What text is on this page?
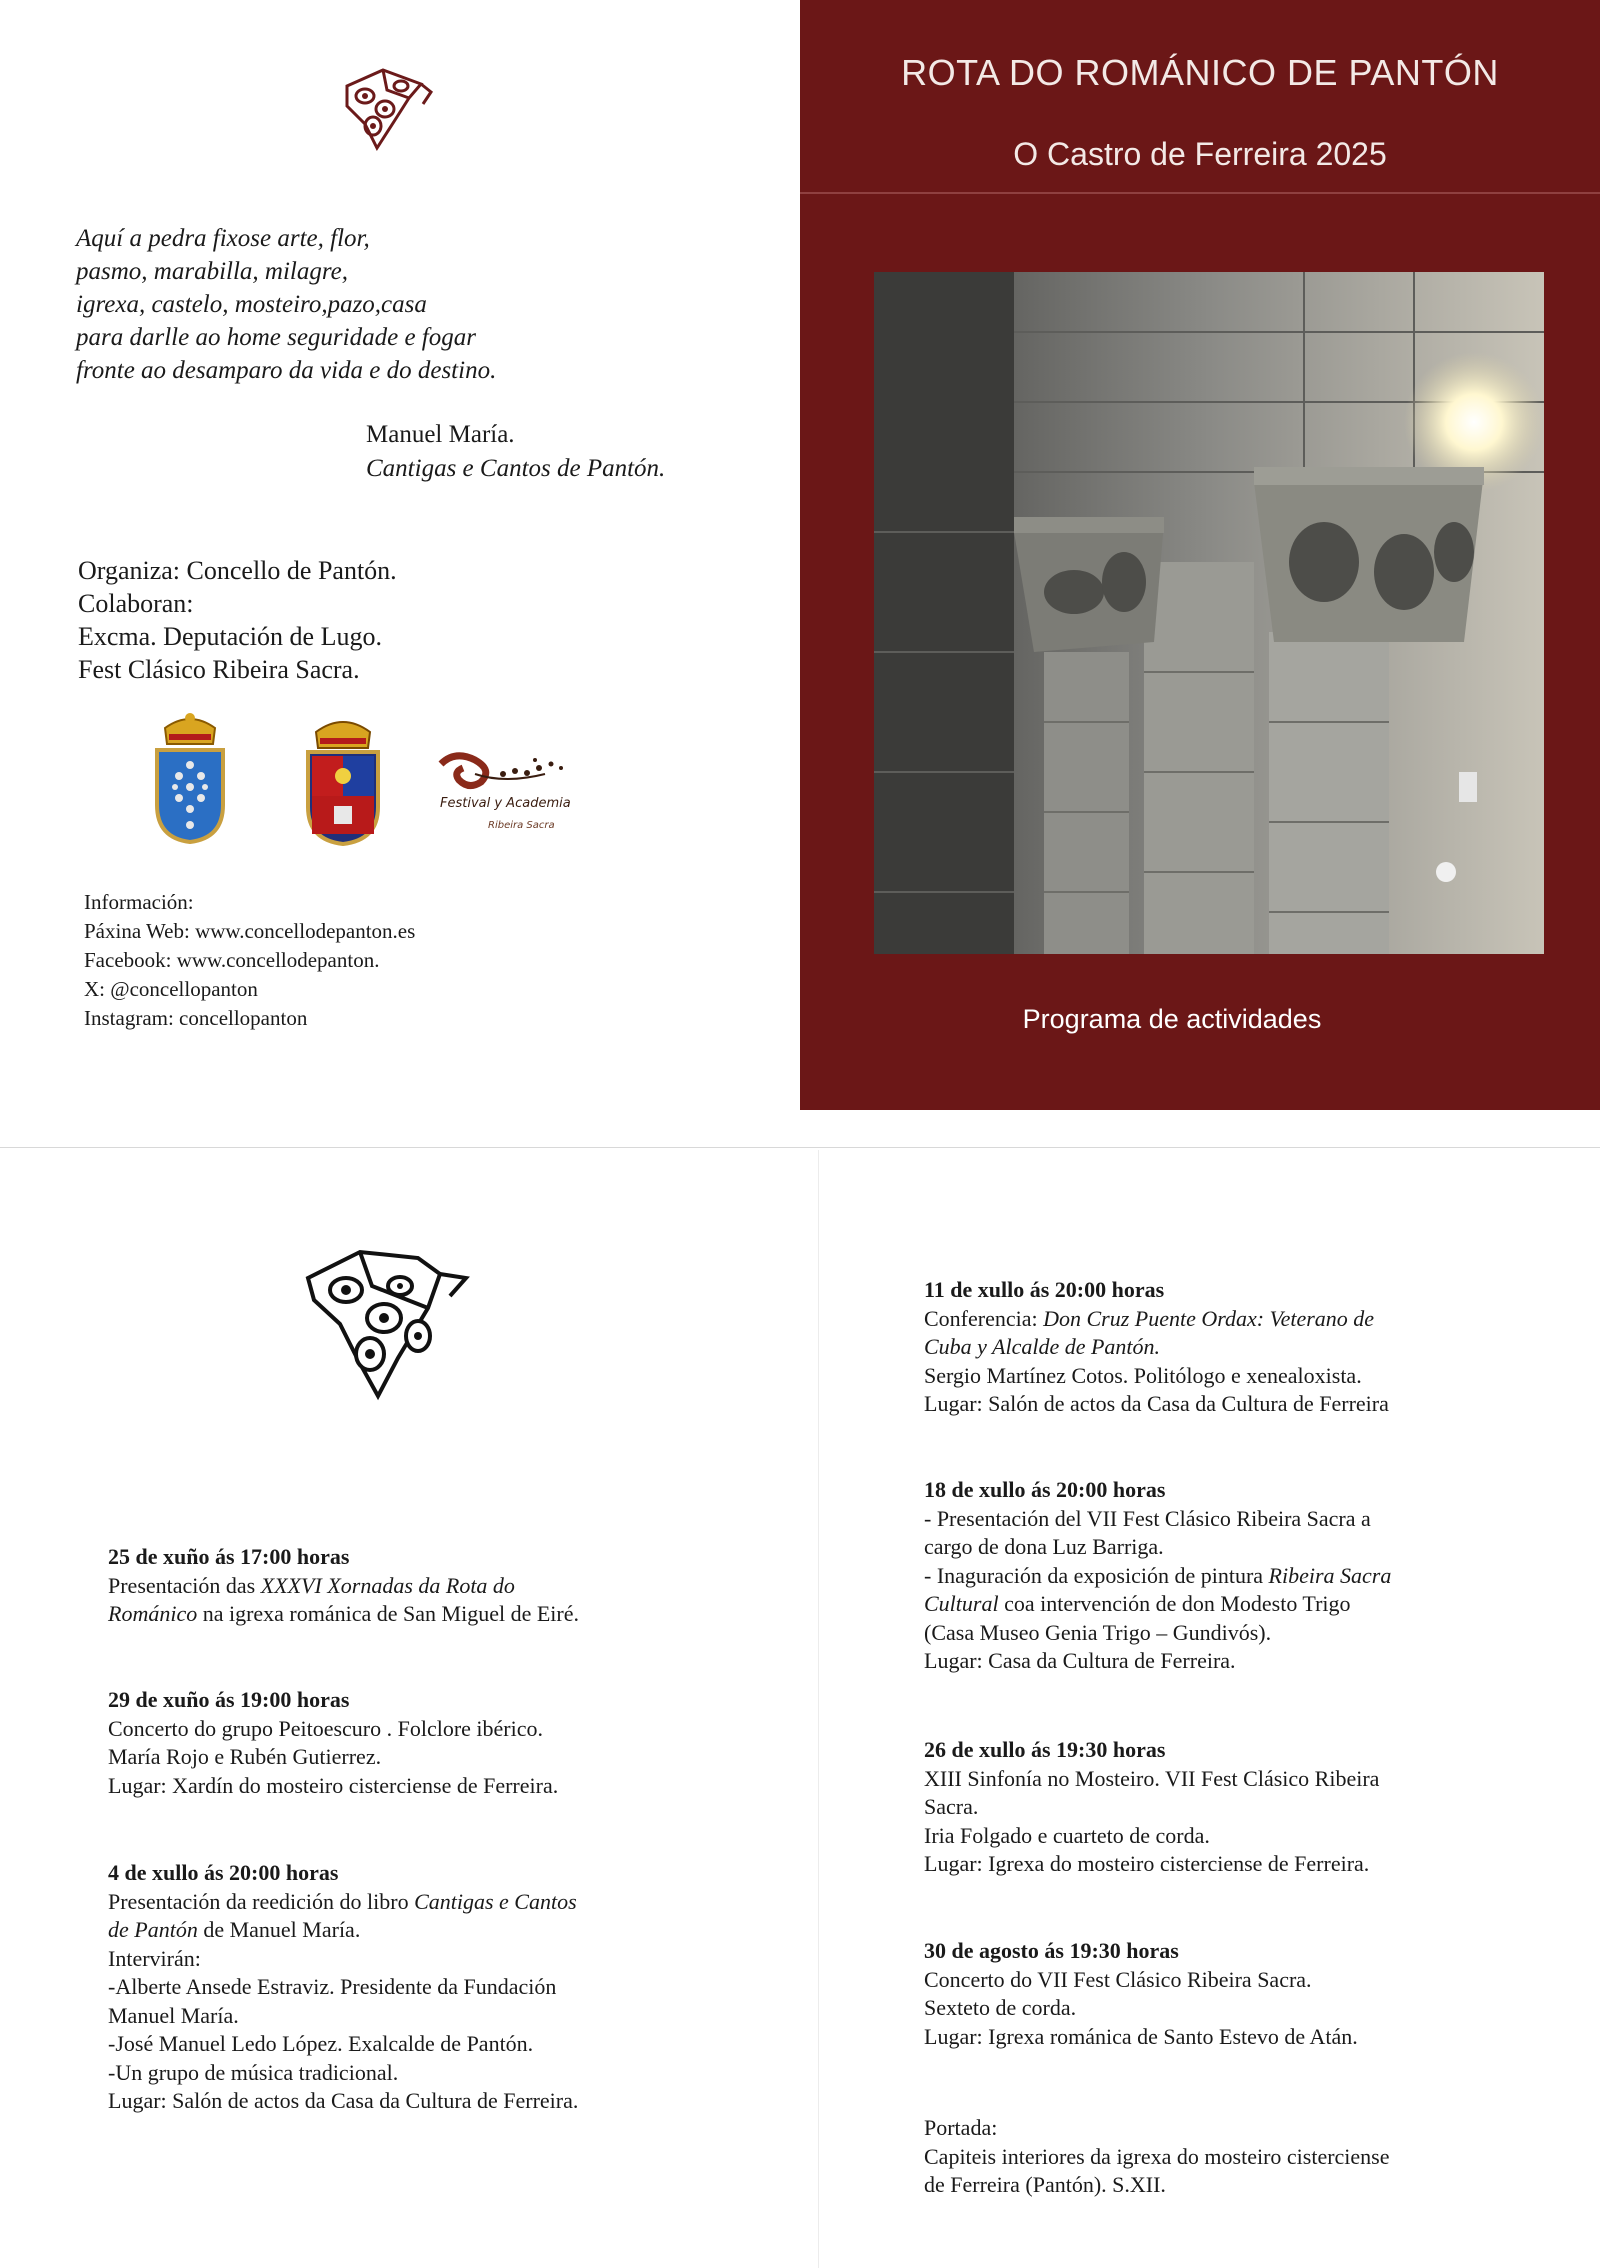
Aquí a pedra fixose arte, flor,
pasmo, marabilla, milagre,
igrexa, castelo, mosteiro,pazo,casa
para darlle ao home seguridade e fogar
fronte ao desamparo da vida e do destino.
Manuel María.
Cantigas e Cantos de Pantón.
Organiza: Concello de Pantón.
Colaboran:
Excma. Deputación de Lugo.
Fest Clásico Ribeira Sacra.
Festival y Academia
Ribeira Sacra
Información:
Páxina Web: www.concellodepanton.es
Facebook: www.concellodepanton.
X: @concellopanton
Instagram: concellopanton
ROTA DO ROMÁNICO DE PANTÓN
O Castro de Ferreira 2025
Programa de actividades
25 de xuño ás 17:00 horas
Presentación das XXXVI Xornadas da Rota do
Románico na igrexa románica de San Miguel de Eiré.
29 de xuño ás 19:00 horas
Concerto do grupo Peitoescuro . Folclore ibérico.
María Rojo e Rubén Gutierrez.
Lugar: Xardín do mosteiro cisterciense de Ferreira.
4 de xullo ás 20:00 horas
Presentación da reedición do libro Cantigas e Cantos
de Pantón de Manuel María.
Intervirán:
-Alberte Ansede Estraviz. Presidente da Fundación
Manuel María.
-José Manuel Ledo López. Exalcalde de Pantón.
-Un grupo de música tradicional.
Lugar: Salón de actos da Casa da Cultura de Ferreira.
11 de xullo ás 20:00 horas
Conferencia: Don Cruz Puente Ordax: Veterano de
Cuba y Alcalde de Pantón.
Sergio Martínez Cotos. Politólogo e xenealoxista.
Lugar: Salón de actos da Casa da Cultura de Ferreira
18 de xullo ás 20:00 horas
- Presentación del VII Fest Clásico Ribeira Sacra a
cargo de dona Luz Barriga.
- Inaguración da exposición de pintura Ribeira Sacra
Cultural coa intervención de don Modesto Trigo
(Casa Museo Genia Trigo – Gundivós).
Lugar: Casa da Cultura de Ferreira.
26 de xullo ás 19:30 horas
XIII Sinfonía no Mosteiro. VII Fest Clásico Ribeira
Sacra.
Iria Folgado e cuarteto de corda.
Lugar: Igrexa do mosteiro cisterciense de Ferreira.
30 de agosto ás 19:30 horas
Concerto do VII Fest Clásico Ribeira Sacra.
Sexteto de corda.
Lugar: Igrexa románica de Santo Estevo de Atán.
Portada:
Capiteis interiores da igrexa do mosteiro cisterciense
de Ferreira (Pantón). S.XII.
